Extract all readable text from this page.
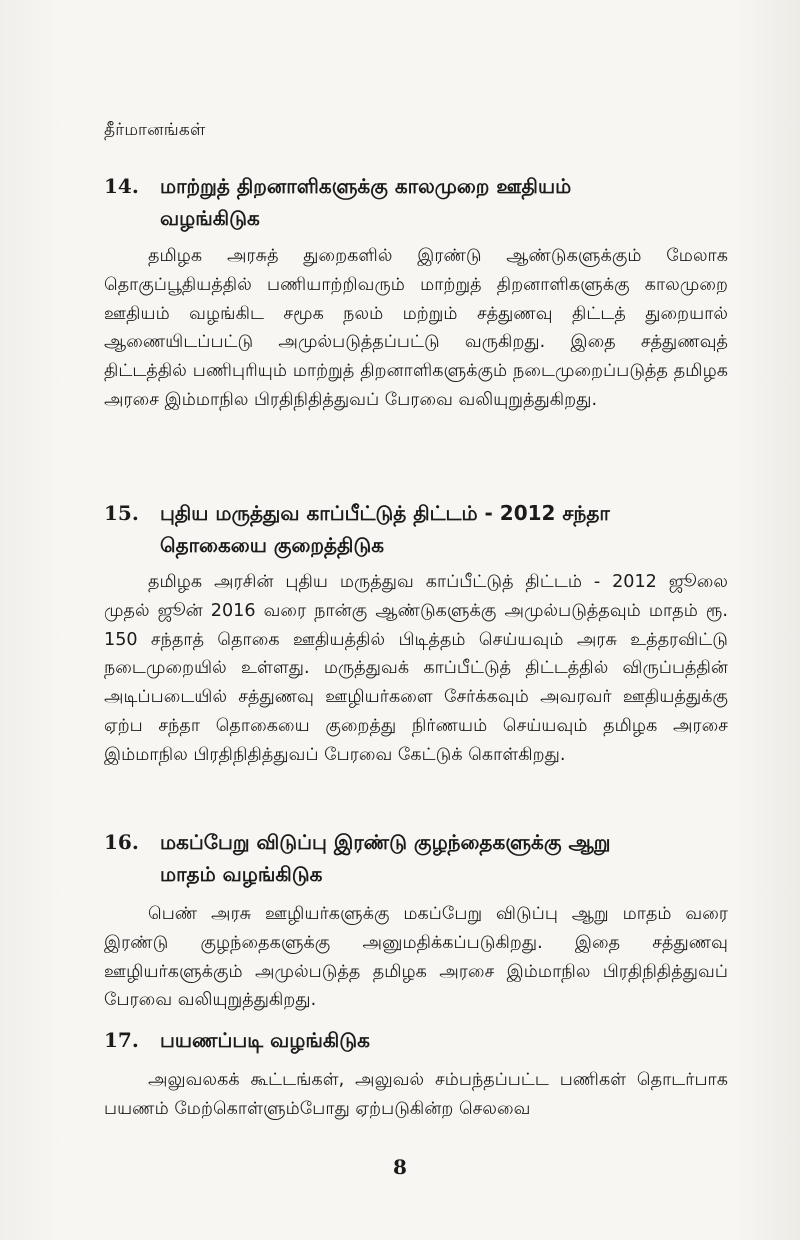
தீர்மானங்கள்
14. மாற்றுத் திறனாளிகளுக்கு காலமுறை ஊதியம்
வழங்கிடுக
தமிழக அரசுத் துறைகளில் இரண்டு ஆண்டுகளுக்கும் மேலாக தொகுப்பூதியத்தில் பணியாற்றிவரும் மாற்றுத் திறனாளிகளுக்கு காலமுறை ஊதியம் வழங்கிட சமூக நலம் மற்றும் சத்துணவு திட்டத் துறையால் ஆணையிடப்பட்டு அமுல்படுத்தப்பட்டு வருகிறது. இதை சத்துணவுத் திட்டத்தில் பணிபுரியும் மாற்றுத் திறனாளிகளுக்கும் நடைமுறைப்படுத்த தமிழக அரசை இம்மாநில பிரதிநிதித்துவப் பேரவை வலியுறுத்துகிறது.
15. புதிய மருத்துவ காப்பீட்டுத் திட்டம் - 2012 சந்தா
தொகையை குறைத்திடுக
தமிழக அரசின் புதிய மருத்துவ காப்பீட்டுத் திட்டம் - 2012 ஜூலை முதல் ஜூன் 2016 வரை நான்கு ஆண்டுகளுக்கு அமுல்படுத்தவும் மாதம் ரூ. 150 சந்தாத் தொகை ஊதியத்தில் பிடித்தம் செய்யவும் அரசு உத்தரவிட்டு நடைமுறையில் உள்ளது. மருத்துவக் காப்பீட்டுத் திட்டத்தில் விருப்பத்தின் அடிப்படையில் சத்துணவு ஊழியர்களை சேர்க்கவும் அவரவர் ஊதியத்துக்கு ஏற்ப சந்தா தொகையை குறைத்து நிர்ணயம் செய்யவும் தமிழக அரசை இம்மாநில பிரதிநிதித்துவப் பேரவை கேட்டுக் கொள்கிறது.
16. மகப்பேறு விடுப்பு இரண்டு குழந்தைகளுக்கு ஆறு
மாதம் வழங்கிடுக
பெண் அரசு ஊழியர்களுக்கு மகப்பேறு விடுப்பு ஆறு மாதம் வரை இரண்டு குழந்தைகளுக்கு அனுமதிக்கப்படுகிறது. இதை சத்துணவு ஊழியர்களுக்கும் அமுல்படுத்த தமிழக அரசை இம்மாநில பிரதிநிதித்துவப் பேரவை வலியுறுத்துகிறது.
17. பயணப்படி வழங்கிடுக
அலுவலகக் கூட்டங்கள், அலுவல் சம்பந்தப்பட்ட பணிகள் தொடர்பாக பயணம் மேற்கொள்ளும்போது ஏற்படுகின்ற செலவை
8
